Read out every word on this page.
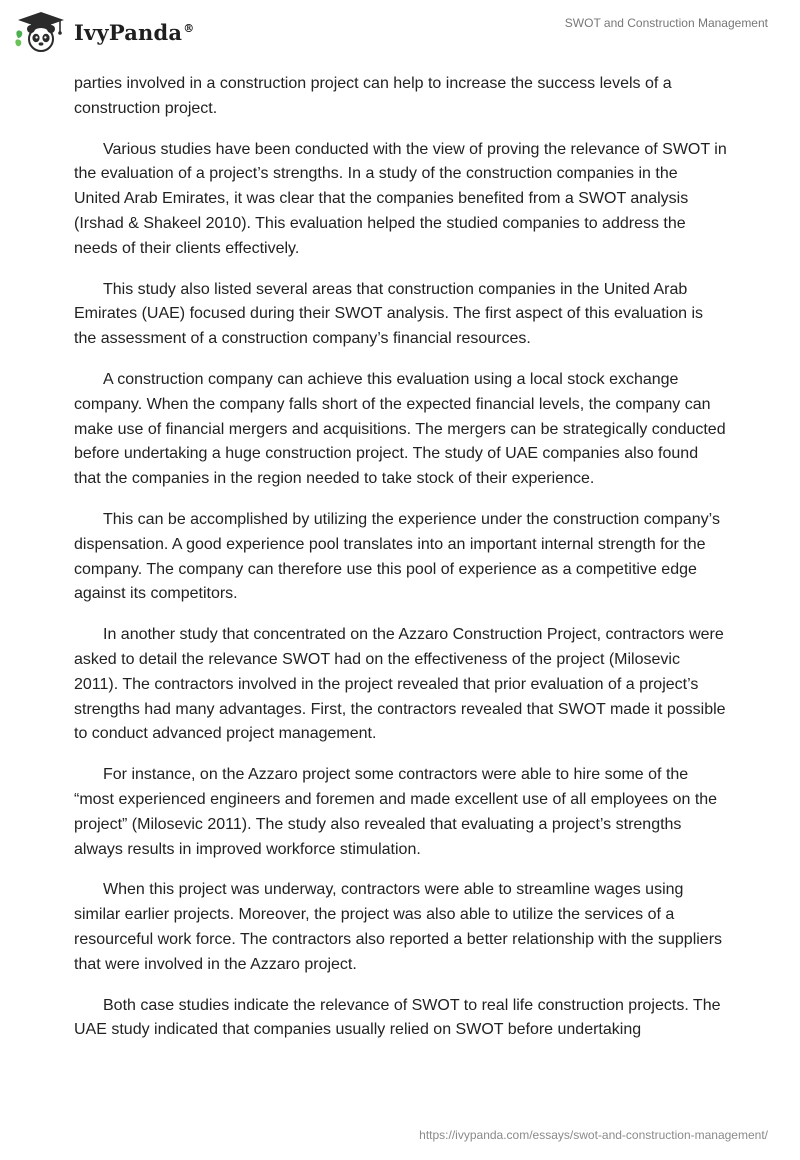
IvyPanda®	SWOT and Construction Management

parties involved in a construction project can help to increase the success levels of a construction project.

Various studies have been conducted with the view of proving the relevance of SWOT in the evaluation of a project’s strengths. In a study of the construction companies in the United Arab Emirates, it was clear that the companies benefited from a SWOT analysis (Irshad & Shakeel 2010). This evaluation helped the studied companies to address the needs of their clients effectively.

This study also listed several areas that construction companies in the United Arab Emirates (UAE) focused during their SWOT analysis. The first aspect of this evaluation is the assessment of a construction company’s financial resources.

A construction company can achieve this evaluation using a local stock exchange company. When the company falls short of the expected financial levels, the company can make use of financial mergers and acquisitions. The mergers can be strategically conducted before undertaking a huge construction project. The study of UAE companies also found that the companies in the region needed to take stock of their experience.

This can be accomplished by utilizing the experience under the construction company’s dispensation. A good experience pool translates into an important internal strength for the company. The company can therefore use this pool of experience as a competitive edge against its competitors.

In another study that concentrated on the Azzaro Construction Project, contractors were asked to detail the relevance SWOT had on the effectiveness of the project (Milosevic 2011). The contractors involved in the project revealed that prior evaluation of a project’s strengths had many advantages. First, the contractors revealed that SWOT made it possible to conduct advanced project management.

For instance, on the Azzaro project some contractors were able to hire some of the “most experienced engineers and foremen and made excellent use of all employees on the project” (Milosevic 2011). The study also revealed that evaluating a project’s strengths always results in improved workforce stimulation.

When this project was underway, contractors were able to streamline wages using similar earlier projects. Moreover, the project was also able to utilize the services of a resourceful work force. The contractors also reported a better relationship with the suppliers that were involved in the Azzaro project.

Both case studies indicate the relevance of SWOT to real life construction projects. The UAE study indicated that companies usually relied on SWOT before undertaking

https://ivypanda.com/essays/swot-and-construction-management/
